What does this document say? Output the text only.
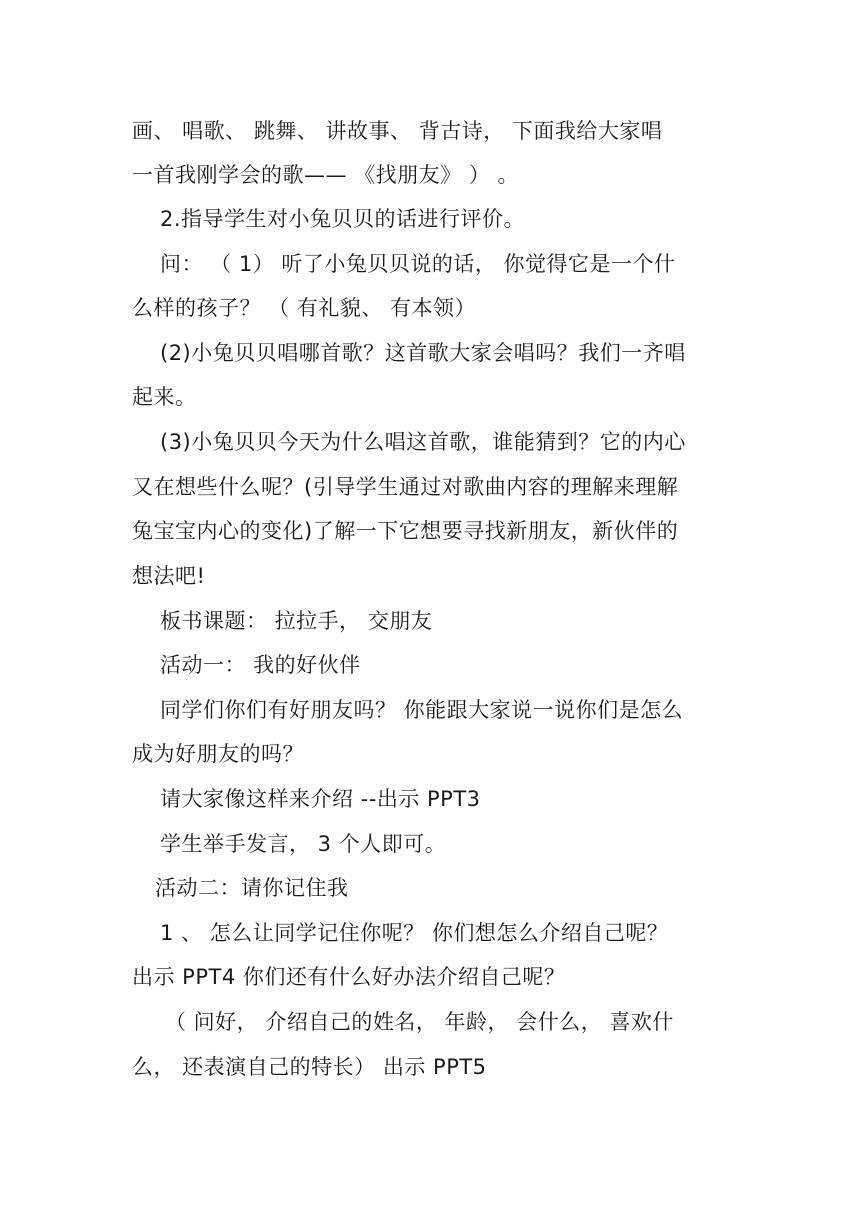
画、 唱歌、 跳舞、 讲故事、 背古诗， 下面我给大家唱
一首我刚学会的歌—— 《找朋友》 ） 。
2.指导学生对小兔贝贝的话进行评价。
问： （ 1） 听了小兔贝贝说的话， 你觉得它是一个什
么样的孩子？ （ 有礼貌、 有本领）
(2)小兔贝贝唱哪首歌？这首歌大家会唱吗？我们一齐唱
起来。
(3)小兔贝贝今天为什么唱这首歌，谁能猜到？它的内心
又在想些什么呢？(引导学生通过对歌曲内容的理解来理解
兔宝宝内心的变化)了解一下它想要寻找新朋友，新伙伴的
想法吧!
板书课题： 拉拉手， 交朋友
活动一： 我的好伙伴
同学们你们有好朋友吗？ 你能跟大家说一说你们是怎么
成为好朋友的吗？
请大家像这样来介绍 --出示 PPT3
学生举手发言， 3 个人即可。
活动二：请你记住我
1 、 怎么让同学记住你呢？ 你们想怎么介绍自己呢？
出示 PPT4 你们还有什么好办法介绍自己呢？
（ 问好， 介绍自己的姓名， 年龄， 会什么， 喜欢什
么， 还表演自己的特长） 出示 PPT5
